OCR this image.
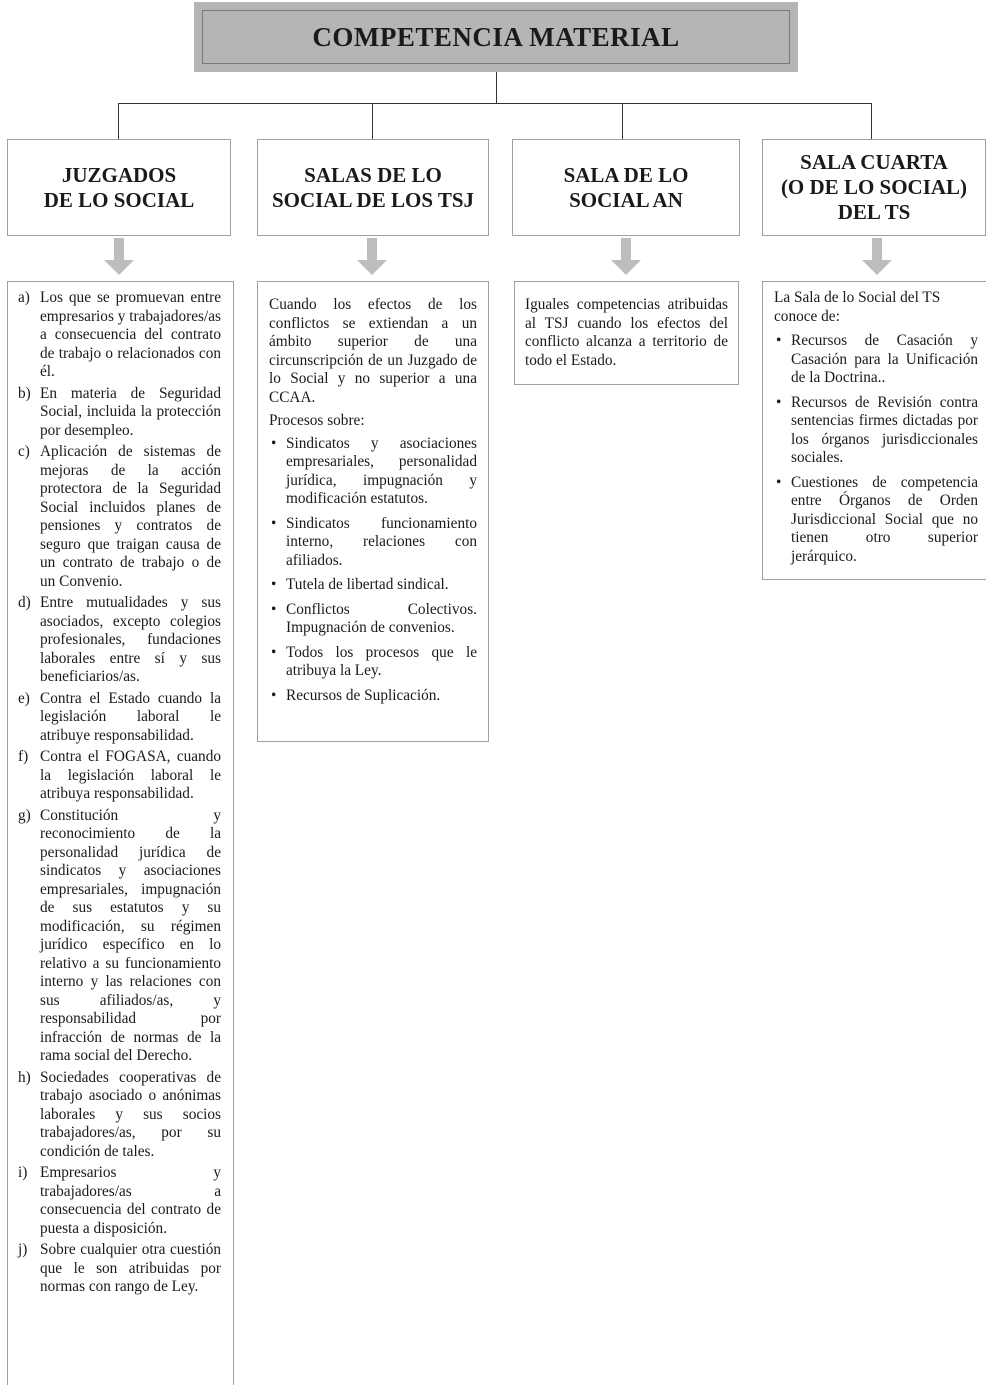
COMPETENCIA MATERIAL
JUZGADOS
DE LO SOCIAL
SALAS DE LO
SOCIAL DE LOS TSJ
SALA DE LO
SOCIAL AN
SALA CUARTA
(O DE LO SOCIAL)
DEL TS
a) Los que se promuevan entre empresarios y trabajadores/as a consecuencia del contrato de trabajo o relacionados con él.
b) En materia de Seguridad Social, incluida la protección por desempleo.
c) Aplicación de sistemas de mejoras de la acción protectora de la Seguridad Social incluidos planes de pensiones y contratos de seguro que traigan causa de un contrato de trabajo o de un Convenio.
d) Entre mutualidades y sus asociados, excepto colegios profesionales, fundaciones laborales entre sí y sus beneficiarios/as.
e) Contra el Estado cuando la legislación laboral le atribuye responsabilidad.
f) Contra el FOGASA, cuando la legislación laboral le atribuya responsabilidad.
g) Constitución y reconocimiento de la personalidad jurídica de sindicatos y asociaciones empresariales, impugnación de sus estatutos y su modificación, su régimen jurídico específico en lo relativo a su funcionamiento interno y las relaciones con sus afiliados/as, y responsabilidad por infracción de normas de la rama social del Derecho.
h) Sociedades cooperativas de trabajo asociado o anónimas laborales y sus socios trabajadores/as, por su condición de tales.
i) Empresarios y trabajadores/as a consecuencia del contrato de puesta a disposición.
j) Sobre cualquier otra cuestión que le son atribuidas por normas con rango de Ley.

Cuando los efectos de los conflictos se extiendan a un ámbito superior de una circunscripción de un Juzgado de lo Social y no superior a una CCAA.

Procesos sobre:

• Sindicatos y asociaciones empresariales, personalidad jurídica, impugnación y modificación estatutos.
• Sindicatos funcionamiento interno, relaciones con afiliados.
• Tutela de libertad sindical.
• Conflictos Colectivos. Impugnación de convenios.
• Todos los procesos que le atribuya la Ley.
• Recursos de Suplicación.

Iguales competencias atribuidas al TSJ cuando los efectos del conflicto alcanza a territorio de todo el Estado.

La Sala de lo Social del TS conoce de:

• Recursos de Casación y Casación para la Unificación de la Doctrina..
• Recursos de Revisión contra sentencias firmes dictadas por los órganos jurisdiccionales sociales.
• Cuestiones de competencia entre Órganos de Orden Jurisdiccional Social que no tienen otro superior jerárquico.
